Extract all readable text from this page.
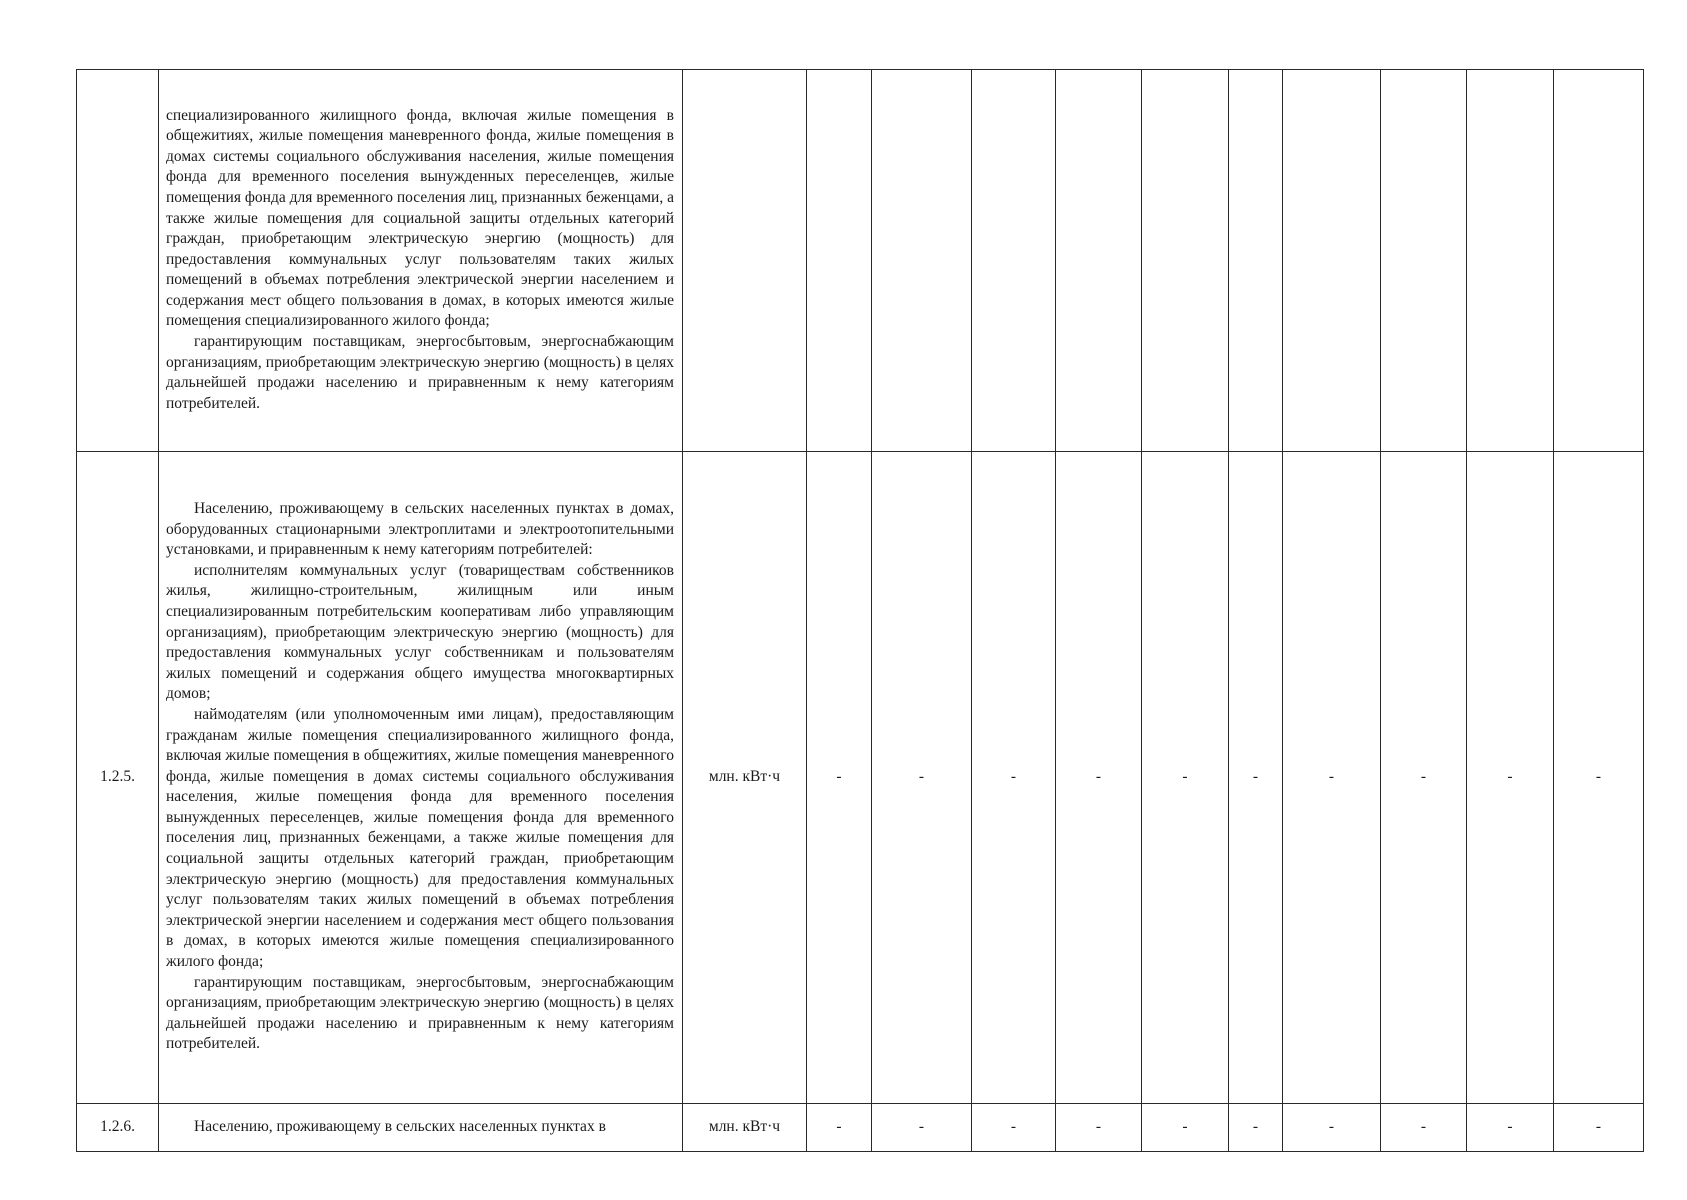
	специализированного жилищного фонда, включая жилые помещения в общежитиях, жилые помещения маневренного фонда, жилые помещения в домах системы социального обслуживания населения, жилые помещения фонда для временного поселения вынужденных переселенцев, жилые помещения фонда для временного поселения лиц, признанных беженцами, а также жилые помещения для социальной защиты отдельных категорий граждан, приобретающим электрическую энергию (мощность) для предоставления коммунальных услуг пользователям таких жилых помещений в объемах потребления электрической энергии населением и содержания мест общего пользования в домах, в которых имеются жилые помещения специализированного жилого фонда;

гарантирующим поставщикам, энергосбытовым, энергоснабжающим организациям, приобретающим электрическую энергию (мощность) в целях дальнейшей продажи населению и приравненным к нему категориям потребителей.											

1.2.5.	Населению, проживающему в сельских населенных пунктах в домах, оборудованных стационарными электроплитами и электроотопительными установками, и приравненным к нему категориям потребителей:

исполнителям коммунальных услуг (товариществам собственников жилья, жилищно-строительным, жилищным или иным специализированным потребительским кооперативам либо управляющим организациям), приобретающим электрическую энергию (мощность) для предоставления коммунальных услуг собственникам и пользователям жилых помещений и содержания общего имущества многоквартирных домов;

наймодателям (или уполномоченным ими лицам), предоставляющим гражданам жилые помещения специализированного жилищного фонда, включая жилые помещения в общежитиях, жилые помещения маневренного фонда, жилые помещения в домах системы социального обслуживания населения, жилые помещения фонда для временного поселения вынужденных переселенцев, жилые помещения фонда для временного поселения лиц, признанных беженцами, а также жилые помещения для социальной защиты отдельных категорий граждан, приобретающим электрическую энергию (мощность) для предоставления коммунальных услуг пользователям таких жилых помещений в объемах потребления электрической энергии населением и содержания мест общего пользования в домах, в которых имеются жилые помещения специализированного жилого фонда;

гарантирующим поставщикам, энергосбытовым, энергоснабжающим организациям, приобретающим электрическую энергию (мощность) в целях дальнейшей продажи населению и приравненным к нему категориям потребителей.	млн. кВт·ч	-	-	-	-	-	-	-	-	-	-
1.2.6.	Населению, проживающему в сельских населенных пунктах в	млн. кВт·ч	-	-	-	-	-	-	-	-	-	-
